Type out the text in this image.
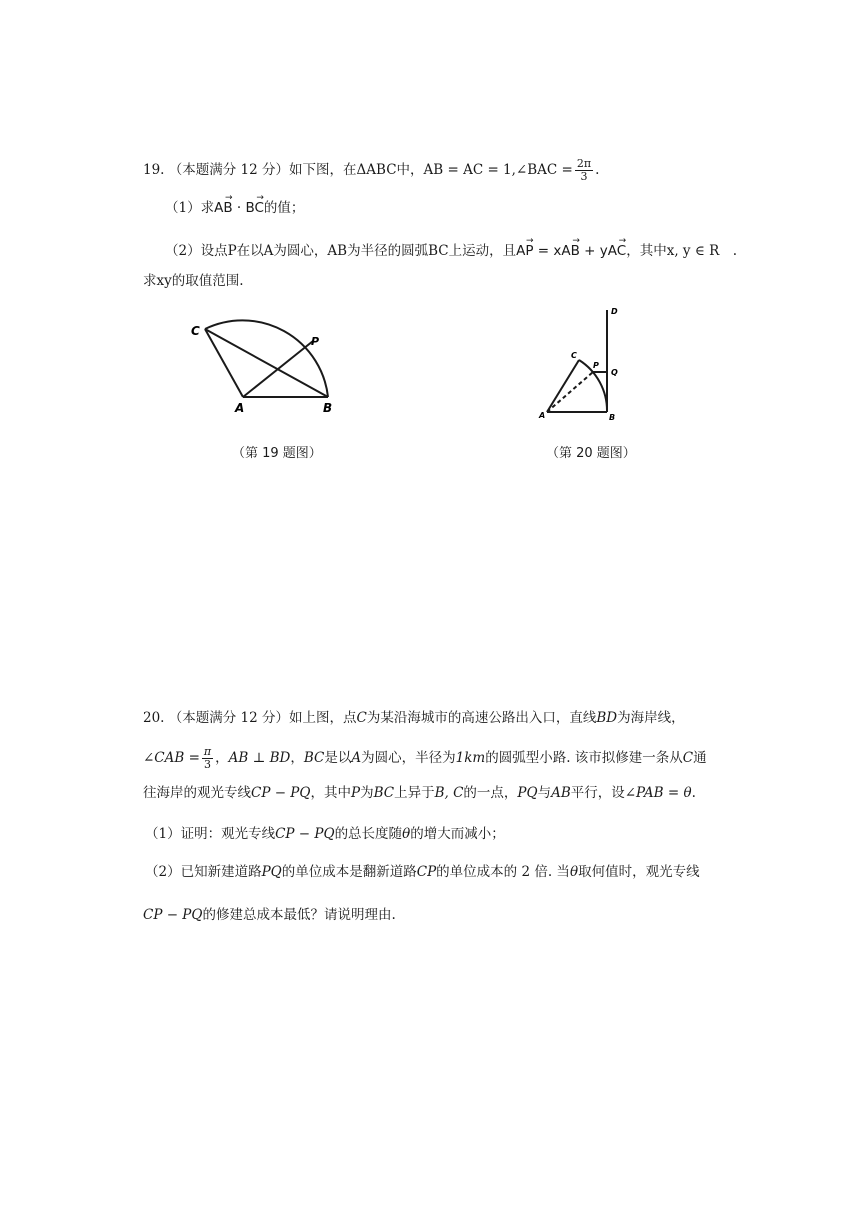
19. （本题满分 12 分）如下图，在ΔABC中，AB = AC = 1,∠BAC = $\frac{2\pi}{3}$ .
（1）求→ AB · → BC的值；
（2）设点P在以A为圆心，AB为半径的圆弧BC上运动，且→ AP = x→ AB + y→ AC，其中x, y ∈ R　.
求xy的取值范围.
C
P
A	B
（第 19 题图）
D
C
P
Q
A	B
（第 20 题图）
20. （本题满分 12 分）如上图，点C为某沿海城市的高速公路出入口，直线BD为海岸线，
∠CAB = $\frac{\pi}{3}$ ，AB ⊥ BD，BC是以A为圆心，半径为1km的圆弧型小路. 该市拟修建一条从C通
往海岸的观光专线CP − PQ，其中P为BC上异于B, C的一点，PQ与AB平行，设∠PAB = θ.
（1）证明：观光专线CP − PQ的总长度随θ的增大而减小；
（2）已知新建道路PQ的单位成本是翻新道路CP的单位成本的 2 倍. 当θ取何值时，观光专线
CP − PQ的修建总成本最低？请说明理由.
